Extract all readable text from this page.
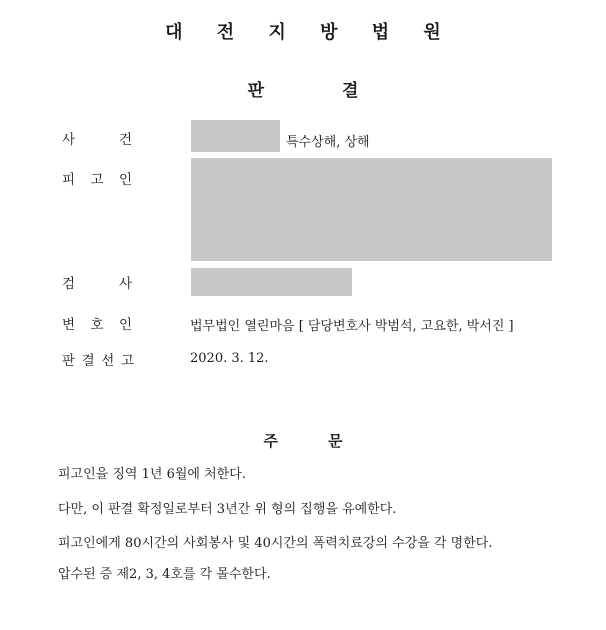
대 전 지 방 법 원
판	결
사	건	특수상해, 상해
피 고 인
검	사
변 호 인	법무법인 열린마음 [ 담당변호사 박범석, 고요한, 박서진 ]
판 결 선 고	2020. 3. 12.
주	문
피고인을 징역 1년 6월에 처한다.
다만, 이 판결 확정일로부터 3년간 위 형의 집행을 유예한다.
피고인에게 80시간의 사회봉사 및 40시간의 폭력치료강의 수강을 각 명한다.
압수된 증 제2, 3, 4호를 각 몰수한다.
